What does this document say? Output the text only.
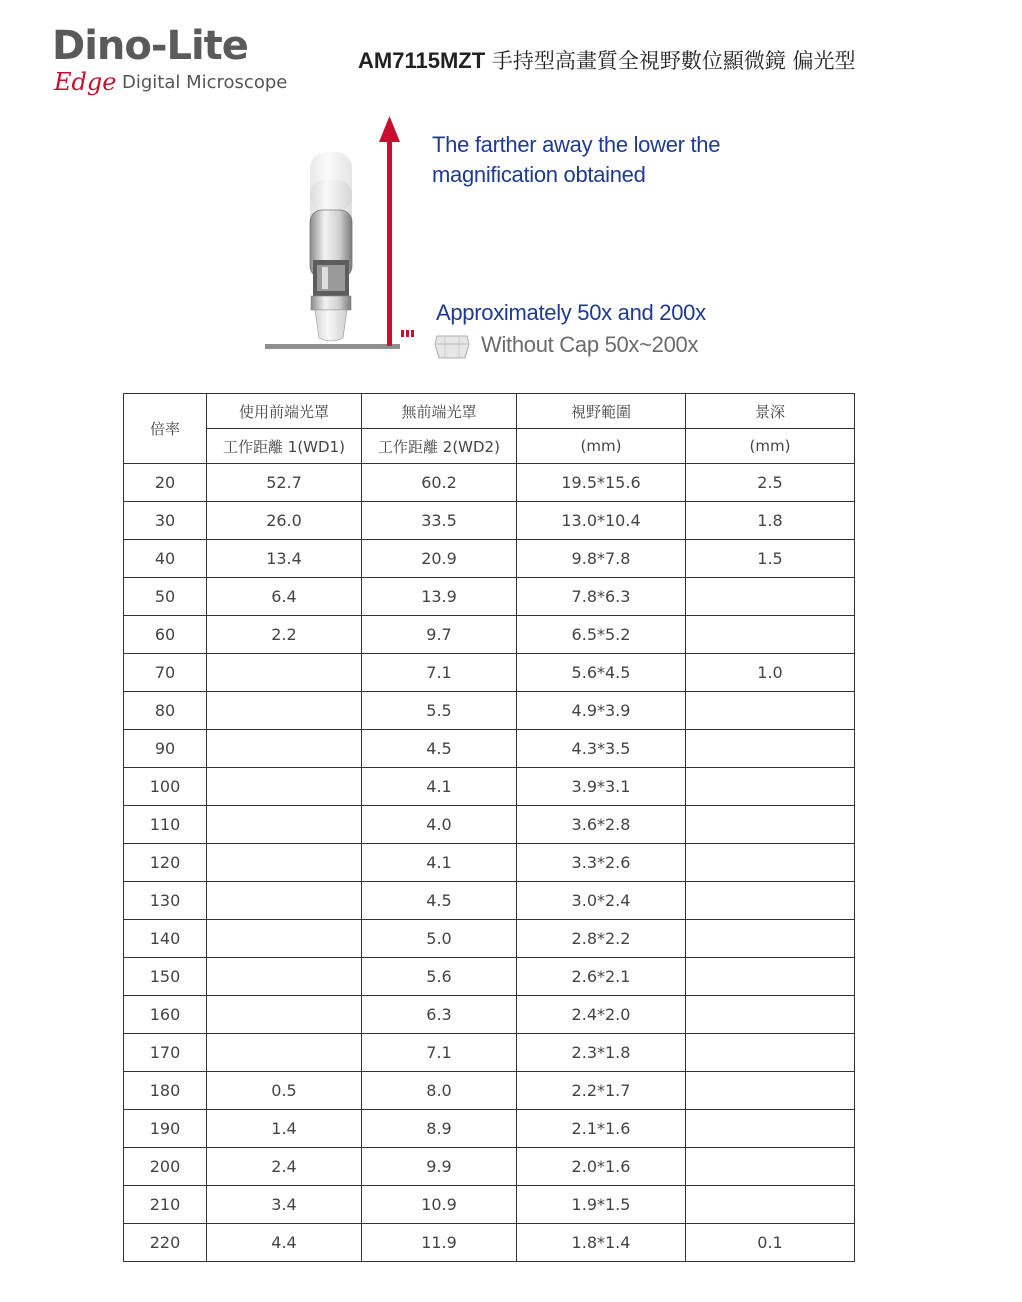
Dino-Lite
Edge Digital Microscope
AM7115MZT 手持型高畫質全視野數位顯微鏡 偏光型
The farther away the lower the
magnification obtained
Approximately 50x and 200x
Without Cap 50x~200x
倍率	使用前端光罩	無前端光罩	視野範圍	景深
	工作距離 1(WD1)	工作距離 2(WD2)	(mm)	(mm)
20	52.7	60.2	19.5*15.6	2.5
30	26.0	33.5	13.0*10.4	1.8
40	13.4	20.9	9.8*7.8	1.5
50	6.4	13.9	7.8*6.3	
60	2.2	9.7	6.5*5.2	
70		7.1	5.6*4.5	1.0
80		5.5	4.9*3.9	
90		4.5	4.3*3.5	
100		4.1	3.9*3.1	
110		4.0	3.6*2.8	
120		4.1	3.3*2.6	
130		4.5	3.0*2.4	
140		5.0	2.8*2.2	
150		5.6	2.6*2.1	
160		6.3	2.4*2.0	
170		7.1	2.3*1.8	
180	0.5	8.0	2.2*1.7	
190	1.4	8.9	2.1*1.6	
200	2.4	9.9	2.0*1.6	
210	3.4	10.9	1.9*1.5	
220	4.4	11.9	1.8*1.4	0.1
